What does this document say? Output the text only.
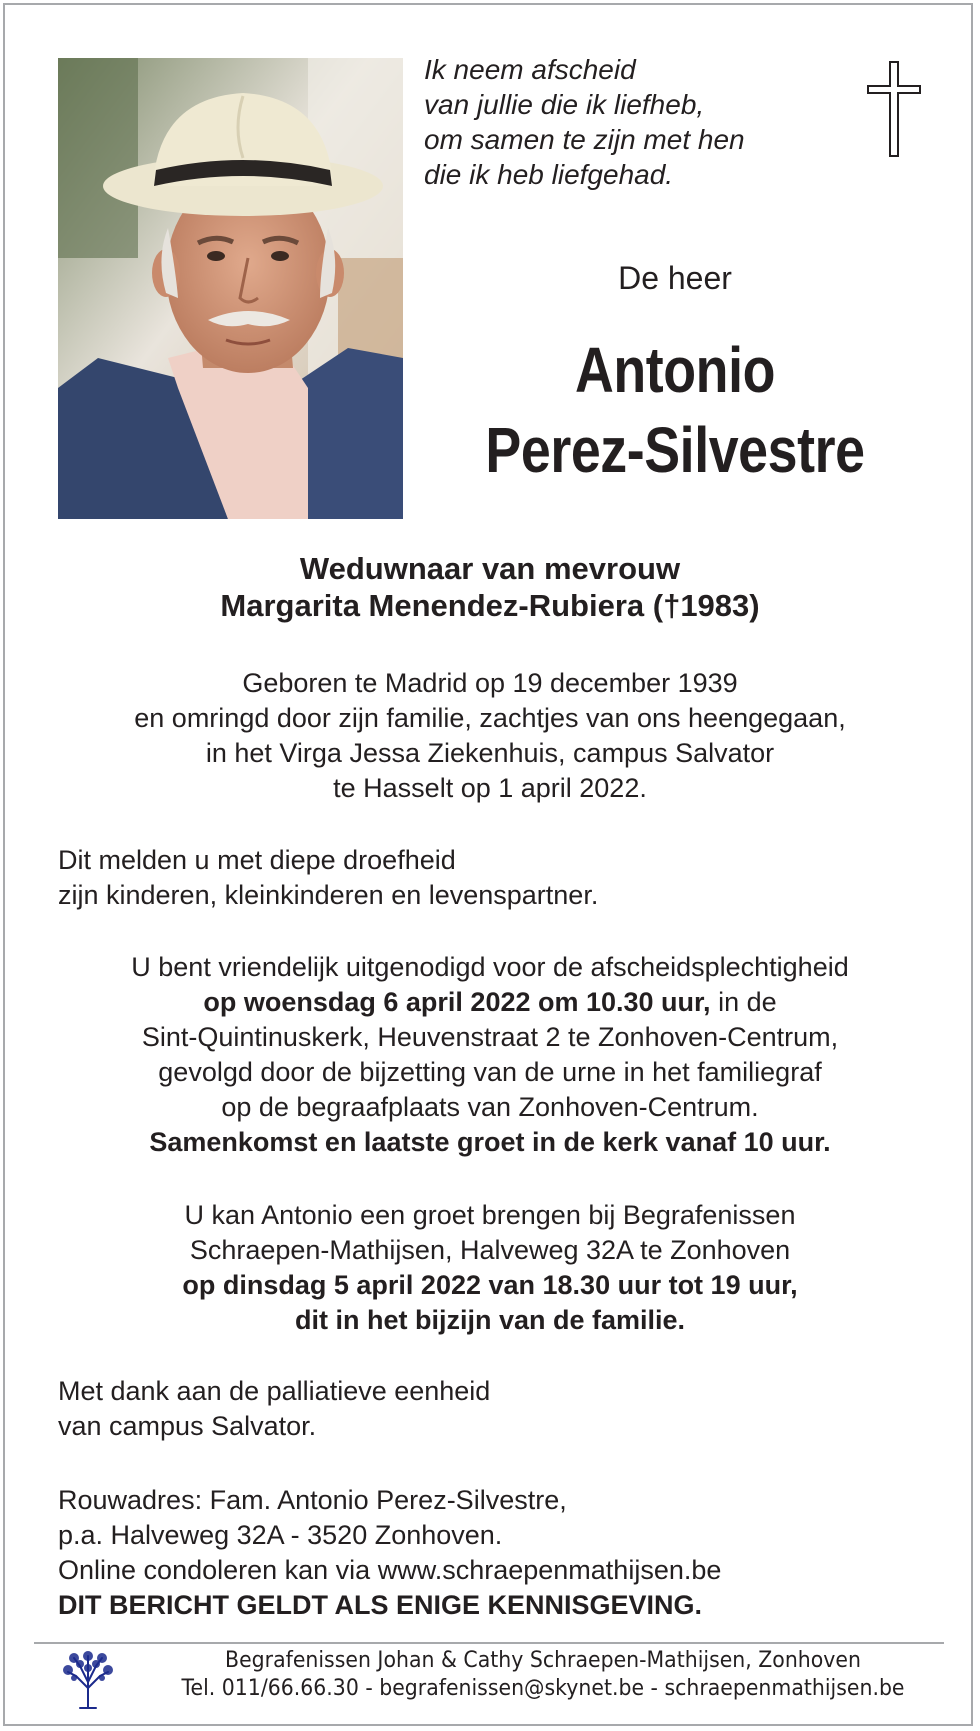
Ik neem afscheid
van jullie die ik liefheb,
om samen te zijn met hen
die ik heb liefgehad.
De heer
Antonio
Perez-Silvestre
Weduwnaar van mevrouw
Margarita Menendez-Rubiera (†1983)
Geboren te Madrid op 19 december 1939
en omringd door zijn familie, zachtjes van ons heengegaan,
in het Virga Jessa Ziekenhuis, campus Salvator
te Hasselt op 1 april 2022.
Dit melden u met diepe droefheid
zijn kinderen, kleinkinderen en levenspartner.
U bent vriendelijk uitgenodigd voor de afscheidsplechtigheid
op woensdag 6 april 2022 om 10.30 uur, in de
Sint-Quintinuskerk, Heuvenstraat 2 te Zonhoven-Centrum,
gevolgd door de bijzetting van de urne in het familiegraf
op de begraafplaats van Zonhoven-Centrum.
Samenkomst en laatste groet in de kerk vanaf 10 uur.
U kan Antonio een groet brengen bij Begrafenissen
Schraepen-Mathijsen, Halveweg 32A te Zonhoven
op dinsdag 5 april 2022 van 18.30 uur tot 19 uur,
dit in het bijzijn van de familie.
Met dank aan de palliatieve eenheid
van campus Salvator.
Rouwadres: Fam. Antonio Perez-Silvestre,
p.a. Halveweg 32A - 3520 Zonhoven.
Online condoleren kan via www.schraepenmathijsen.be
DIT BERICHT GELDT ALS ENIGE KENNISGEVING.
Begrafenissen Johan & Cathy Schraepen-Mathijsen, Zonhoven
Tel. 011/66.66.30 - begrafenissen@skynet.be - schraepenmathijsen.be
